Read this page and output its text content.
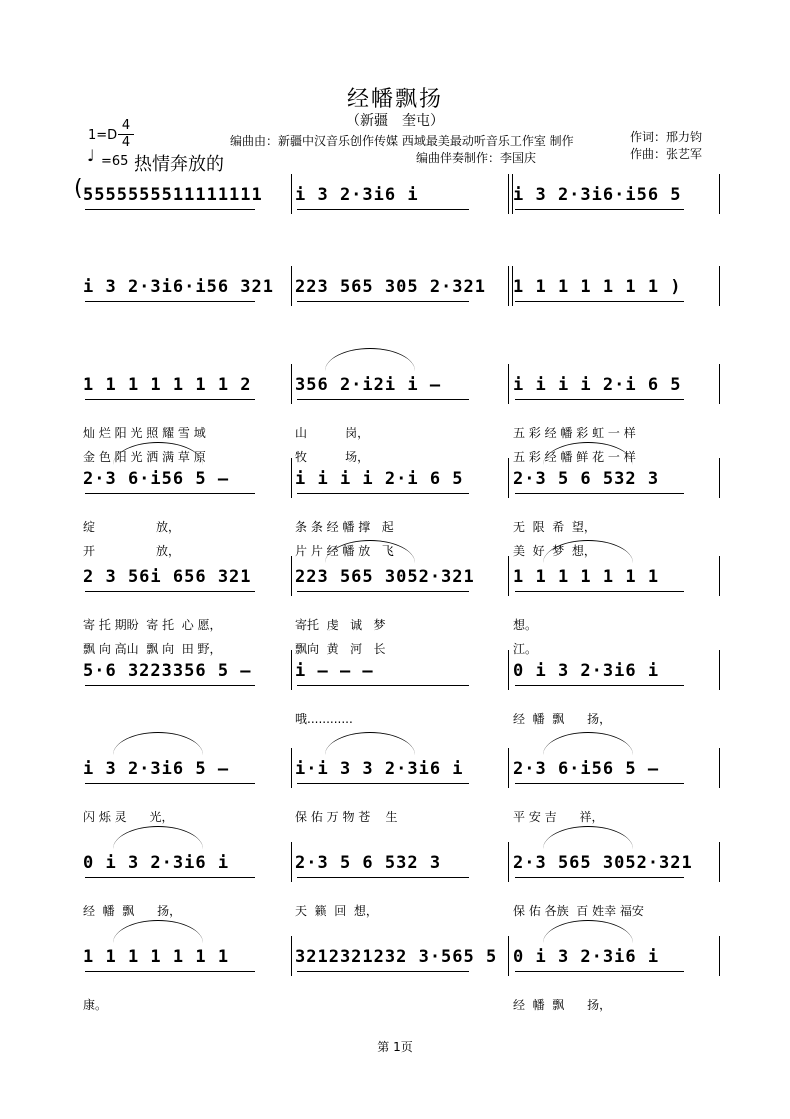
经幡飘扬
（新疆　奎屯）
1=D
4
4
♩ =65 热情奔放的
编曲由：新疆中汉音乐创作传媒 西域最美最动听音乐工作室 制作
编曲伴奏制作：李国庆
作词：邢力钧
作曲：张艺军
5555555511111111	i 3 2·3i6 i	i 3 2·3i6·i56 5
(
i 3 2·3i6·i56 321 223 565 305 2·321	1 1 1 1 1 1 1 )
1 1 1 1 1 1 1 2	356 2·i2i i –	i i i i 2·i 6 5
灿 烂 阳 光 照 耀 雪 域	山          岗，	五 彩 经 幡 彩 虹 一 样
金 色 阳 光 洒 满 草 原	牧          场，	五 彩 经 幡 鲜 花 一 样
2·3 6·i56 5 –	i i i i 2·i 6 5	2·3 5 6 532 3
绽                放，	条 条 经 幡 撑   起	无  限  希  望，
开                放，	片 片 经 幡 放   飞	美  好  梦  想，
2 3 56i 656 321	223 565 3052·321	1 1 1 1 1 1 1
寄 托 期盼  寄 托  心 愿，	寄托  虔   诚   梦	想。
飘 向 高山  飘 向  田 野，	飘向  黄   河   长	江。
5·6 3223356 5 –	i – – –	0 i 3 2·3i6 i
哦............	经  幡  飘      扬，
i 3 2·3i6 5 –	i·i 3 3 2·3i6 i	2·3 6·i56 5 –
闪 烁 灵      光，	保 佑 万 物 苍    生	平 安 吉      祥，
0 i 3 2·3i6 i	2·3 5 6 532 3	2·3 565 3052·321
经  幡  飘      扬，	天  籁  回  想，	保 佑 各族  百 姓幸 福安
1 1 1 1 1 1 1	3212321232 3·565 5 0 i 3 2·3i6 i
康。	经  幡  飘      扬，
第 1页
